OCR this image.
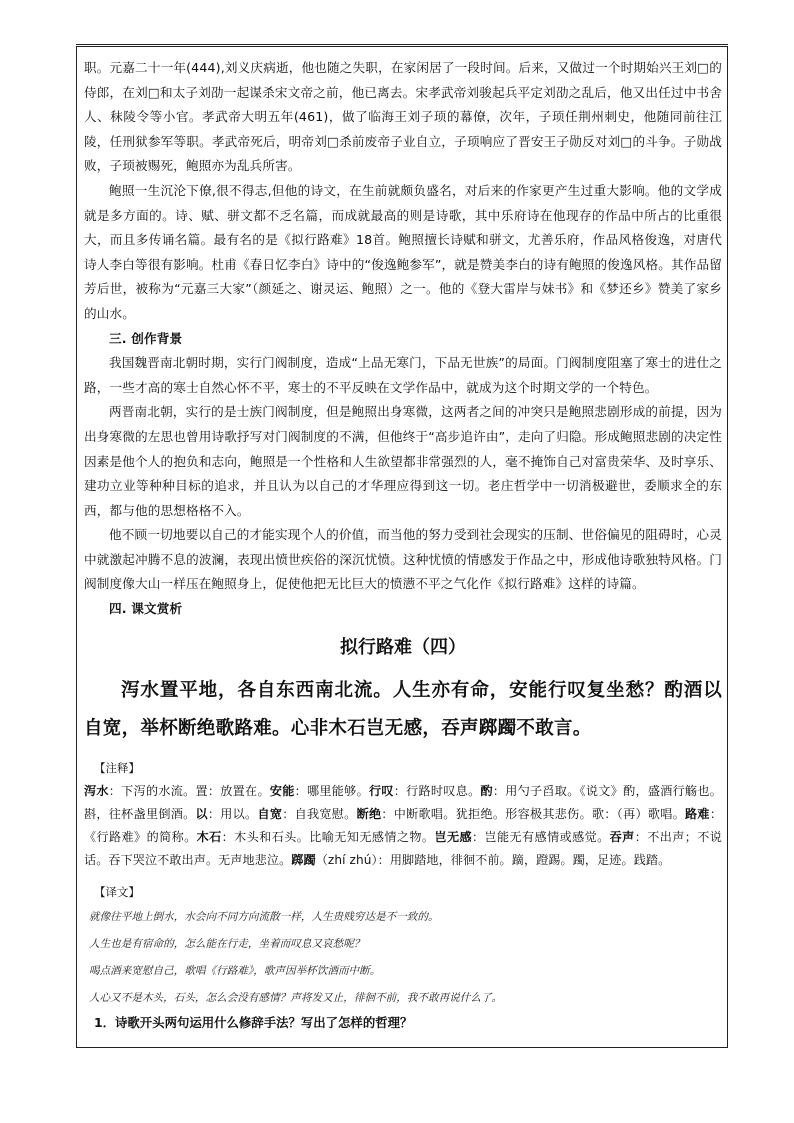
职。元嘉二十一年(444),刘义庆病逝，他也随之失职，在家闲居了一段时间。后来，又做过一个时期始兴王刘□的侍郎，在刘□和太子刘劭一起谋杀宋文帝之前，他已离去。宋孝武帝刘骏起兵平定刘劭之乱后，他又出任过中书舍人、秣陵令等小官。孝武帝大明五年(461)，做了临海王刘子顼的幕僚，次年，子顼任荆州刺史，他随同前往江陵，任刑狱参军等职。孝武帝死后，明帝刘□杀前废帝子业自立，子顼响应了晋安王子勋反对刘□的斗争。子勋战败，子顼被赐死，鲍照亦为乱兵所害。

鲍照一生沉沦下僚,很不得志,但他的诗文，在生前就颇负盛名，对后来的作家更产生过重大影响。他的文学成就是多方面的。诗、赋、骈文都不乏名篇，而成就最高的则是诗歌，其中乐府诗在他现存的作品中所占的比重很大，而且多传诵名篇。最有名的是《拟行路难》18首。鲍照擅长诗赋和骈文，尤善乐府，作品风格俊逸，对唐代诗人李白等很有影响。杜甫《春日忆李白》诗中的“俊逸鲍参军”，就是赞美李白的诗有鲍照的俊逸风格。其作品留芳后世，被称为“元嘉三大家”（颜延之、谢灵运、鲍照）之一。他的《登大雷岸与妹书》和《梦还乡》赞美了家乡的山水。

三. 创作背景

我国魏晋南北朝时期，实行门阀制度，造成“上品无寒门，下品无世族”的局面。门阀制度阻塞了寒士的进仕之路，一些才高的寒士自然心怀不平，寒士的不平反映在文学作品中，就成为这个时期文学的一个特色。

两晋南北朝，实行的是士族门阀制度，但是鲍照出身寒微，这两者之间的冲突只是鲍照悲剧形成的前提，因为出身寒微的左思也曾用诗歌抒写对门阀制度的不满，但他终于“高步追许由”，走向了归隐。形成鲍照悲剧的决定性因素是他个人的抱负和志向，鲍照是一个性格和人生欲望都非常强烈的人，毫不掩饰自己对富贵荣华、及时享乐、建功立业等种种目标的追求，并且认为以自己的才华理应得到这一切。老庄哲学中一切消极避世，委顺求全的东西，都与他的思想格格不入。

他不顾一切地要以自己的才能实现个人的价值，而当他的努力受到社会现实的压制、世俗偏见的阻碍时，心灵中就激起冲腾不息的波澜，表现出愤世疾俗的深沉忧愤。这种忧愤的情感发于作品之中，形成他诗歌独特风格。门阀制度像大山一样压在鲍照身上，促使他把无比巨大的愤懑不平之气化作《拟行路难》这样的诗篇。

四. 课文赏析

拟行路难（四）

泻水置平地，各自东西南北流。人生亦有命，安能行叹复坐愁？酌酒以自宽，举杯断绝歌路难。心非木石岂无感，吞声踯躅不敢言。

【注释】

泻水：下泻的水流。置：放置在。安能：哪里能够。行叹：行路时叹息。酌：用勺子舀取。《说文》酌，盛酒行觞也。斟，往杯盏里倒酒。以：用以。自宽：自我宽慰。断绝：中断歌唱。犹拒绝。形容极其悲伤。歌：（再）歌唱。路难：《行路难》的简称。木石：木头和石头。比喻无知无感情之物。岂无感：岂能无有感情或感觉。吞声：不出声；不说话。吞下哭泣不敢出声。无声地悲泣。踯躅（zhí zhú）：用脚踏地，徘徊不前。蹢，蹬踢。躅，足迹。践踏。

【译文】
就像往平地上倒水，水会向不同方向流散一样，人生贵贱穷达是不一致的。
人生也是有宿命的，怎么能在行走，坐着而叹息又哀愁呢？
喝点酒来宽慰自己，歌唱《行路难》，歌声因举杯饮酒而中断。
人心又不是木头，石头，怎么会没有感情？声将发又止，徘徊不前，我不敢再说什么了。
1．诗歌开头两句运用什么修辞手法？写出了怎样的哲理？
